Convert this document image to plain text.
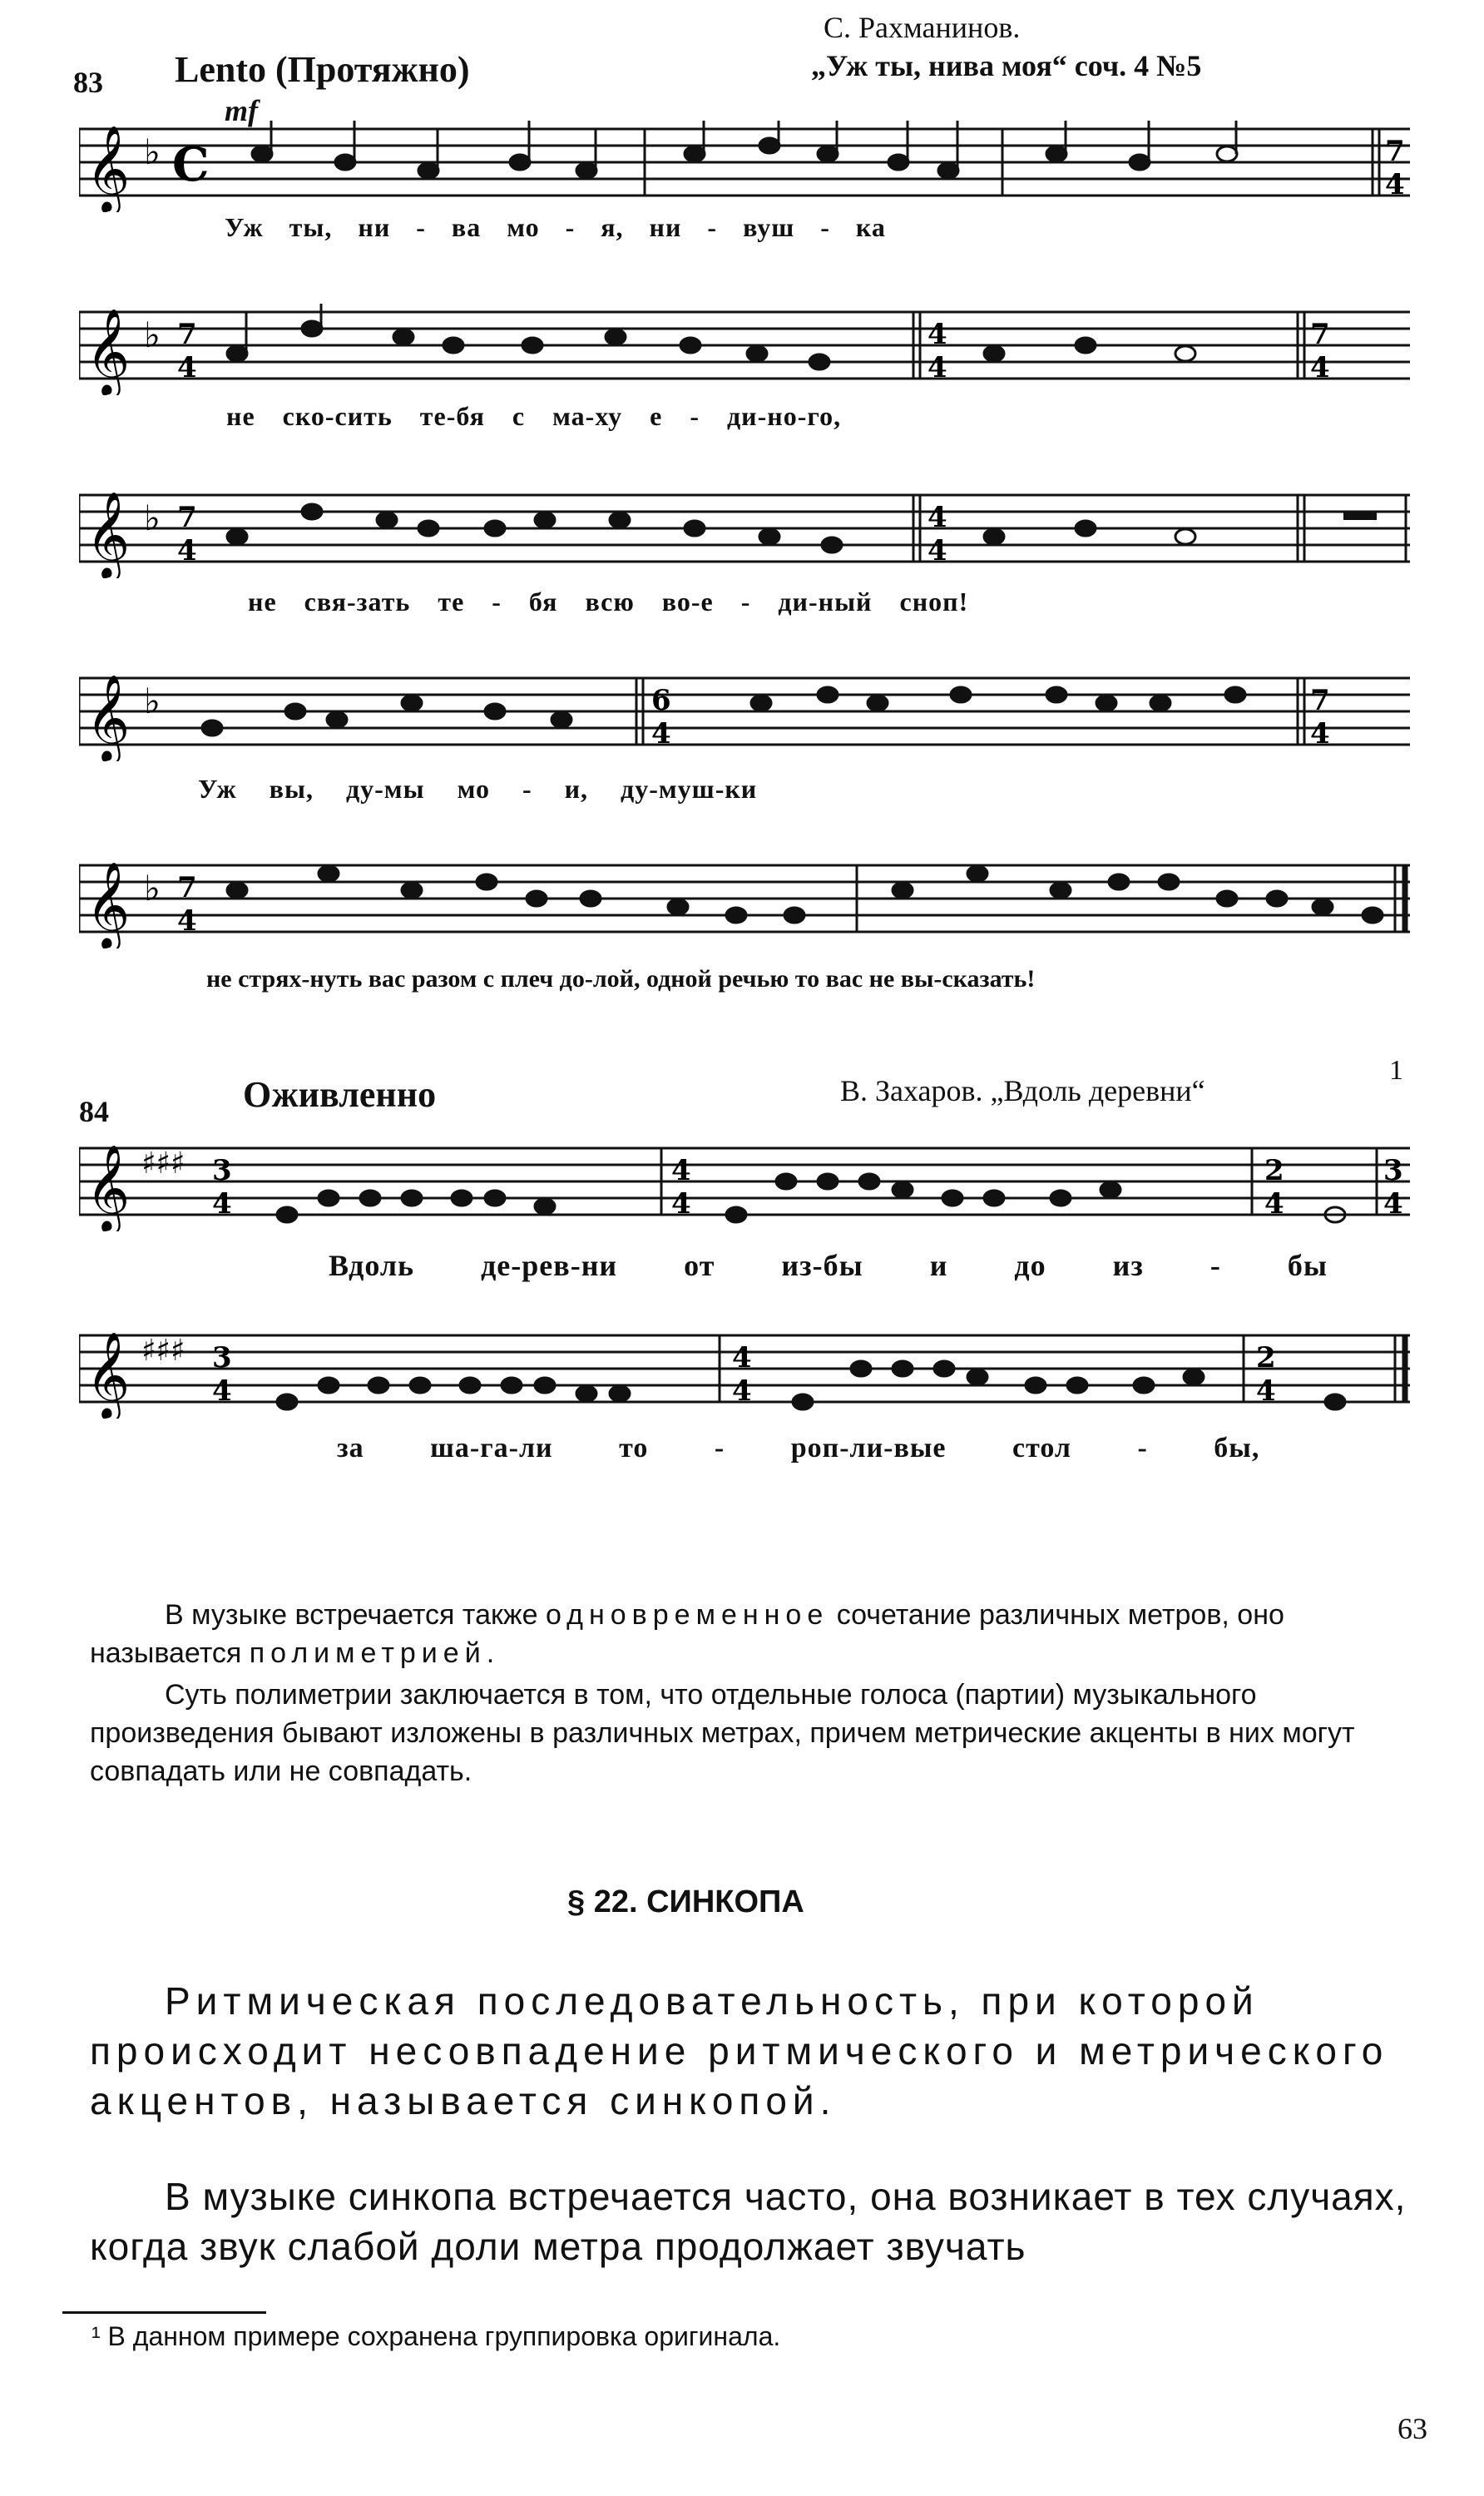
83 Lento (Протяжно)
С. Рахманинов.
„Уж ты, нива моя“ соч. 4 №5
mf
𝄞 ♭ C	7
4
Уж ты, ни - ва мо - я, ни - вуш - ка
𝄞 ♭ 7
4
4
4
7
4
не ско-сить те-бя с ма-ху е - ди-но-го,
𝄞 ♭ 7
4
4
4
не свя-зать те - бя всю во-е - ди-ный сноп!
𝄞 ♭	6
4
7
4
Уж вы, ду-мы мо - и, ду-муш-ки
𝄞 ♭ 7
4
не стрях-нуть вас разом с плеч до-лой, одной речью то вас не вы-сказать!
84	Оживленно	В. Захаров. „Вдоль деревни“
1
𝄞 ♯♯♯ 3
4
4
4
2
4
3
4
Вдоль де-рев-ни от из-бы и до из - бы
𝄞 ♯♯♯ 3
4
4
4
2
4
за ша-га-ли то - роп-ли-вые стол - бы,
В музыке встречается также одновременное сочетание различных метров, оно называется полиметрией.
Суть полиметрии заключается в том, что отдельные голоса (партии) музыкального произведения бывают изложены в различных метрах, причем метрические акценты в них могут совпадать или не совпадать.
§ 22. СИНКОПА
Ритмическая последовательность, при которой происходит несовпадение ритмического и метрического акцентов, называется синкопой.
В музыке синкопа встречается часто, она возникает в тех случаях, когда звук слабой доли метра продолжает звучать
¹ В данном примере сохранена группировка оригинала.
63
